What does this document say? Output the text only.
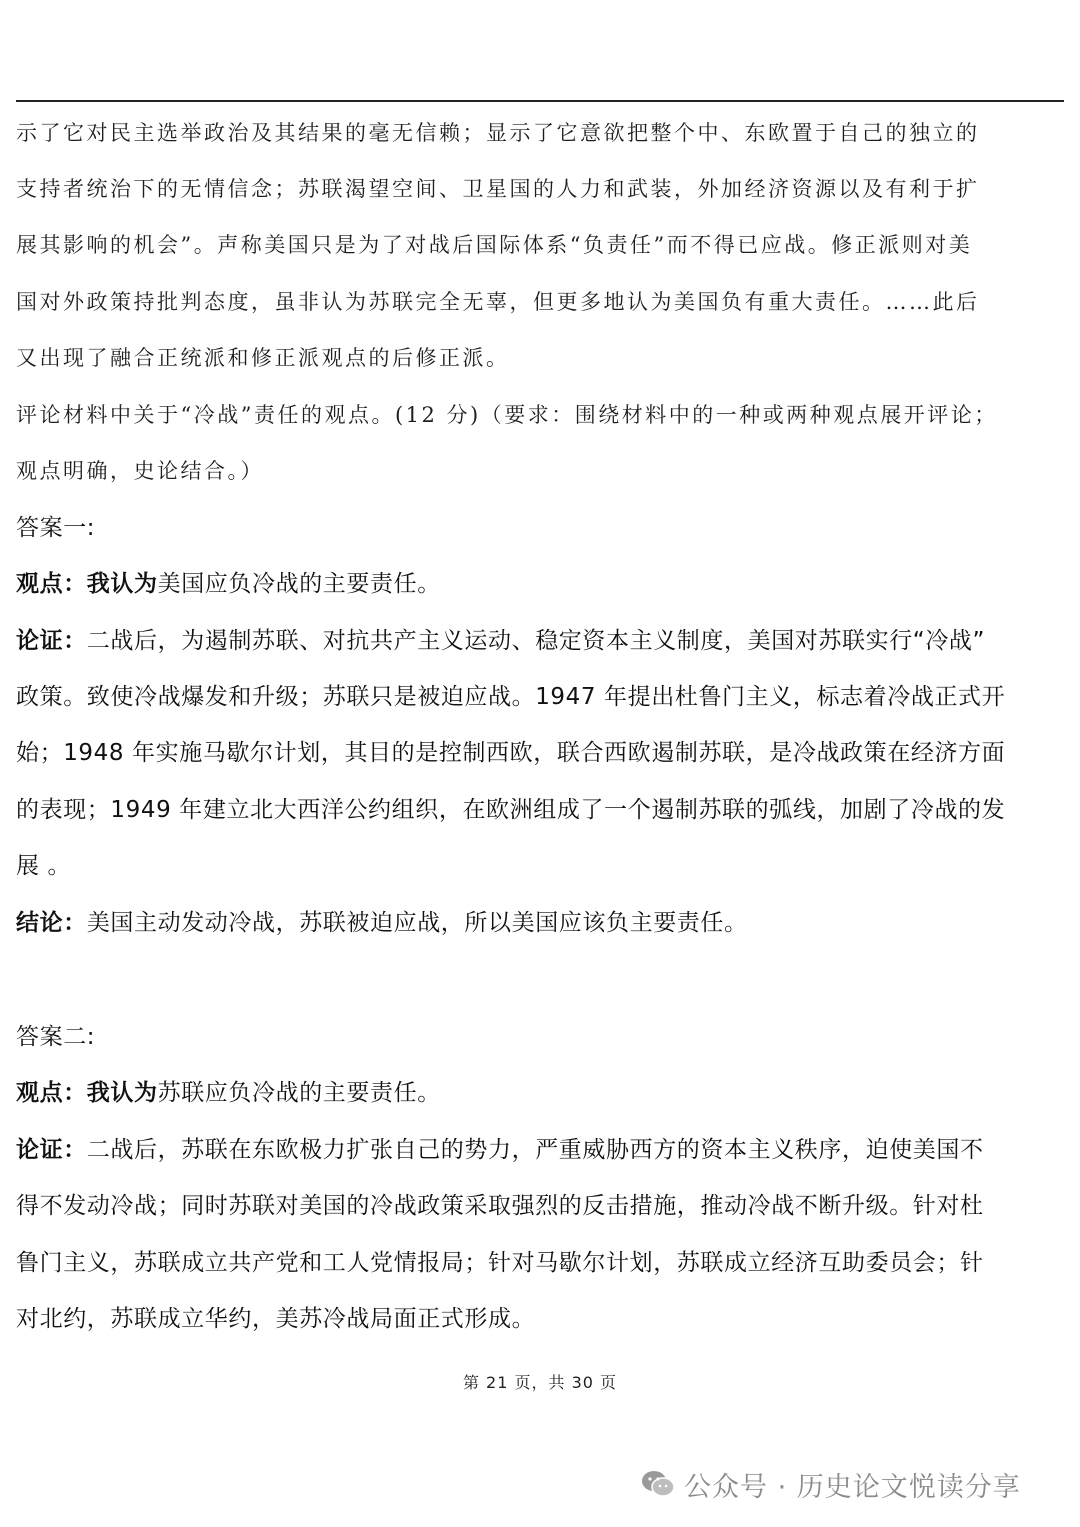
示了它对民主选举政治及其结果的毫无信赖；显示了它意欲把整个中、东欧置于自己的独立的
支持者统治下的无情信念；苏联渴望空间、卫星国的人力和武装，外加经济资源以及有利于扩
展其影响的机会”。声称美国只是为了对战后国际体系“负责任”而不得已应战。修正派则对美
国对外政策持批判态度，虽非认为苏联完全无辜，但更多地认为美国负有重大责任。……此后
又出现了融合正统派和修正派观点的后修正派。
评论材料中关于“冷战”责任的观点。(12 分)（要求：围绕材料中的一种或两种观点展开评论；
观点明确，史论结合。）
答案一:
观点：我认为美国应负冷战的主要责任。
论证：二战后，为遏制苏联、对抗共产主义运动、稳定资本主义制度，美国对苏联实行“冷战”
政策。致使冷战爆发和升级；苏联只是被迫应战。1947 年提出杜鲁门主义，标志着冷战正式开
始；1948 年实施马歇尔计划，其目的是控制西欧，联合西欧遏制苏联，是冷战政策在经济方面
的表现；1949 年建立北大西洋公约组织，在欧洲组成了一个遏制苏联的弧线，加剧了冷战的发
展 。
结论：美国主动发动冷战，苏联被迫应战，所以美国应该负主要责任。
答案二:
观点：我认为苏联应负冷战的主要责任。
论证：二战后，苏联在东欧极力扩张自己的势力，严重威胁西方的资本主义秩序，迫使美国不
得不发动冷战；同时苏联对美国的冷战政策采取强烈的反击措施，推动冷战不断升级。针对杜
鲁门主义，苏联成立共产党和工人党情报局；针对马歇尔计划，苏联成立经济互助委员会；针
对北约，苏联成立华约，美苏冷战局面正式形成。
第 21 页，共 30 页
公众号 · 历史论文悦读分享
